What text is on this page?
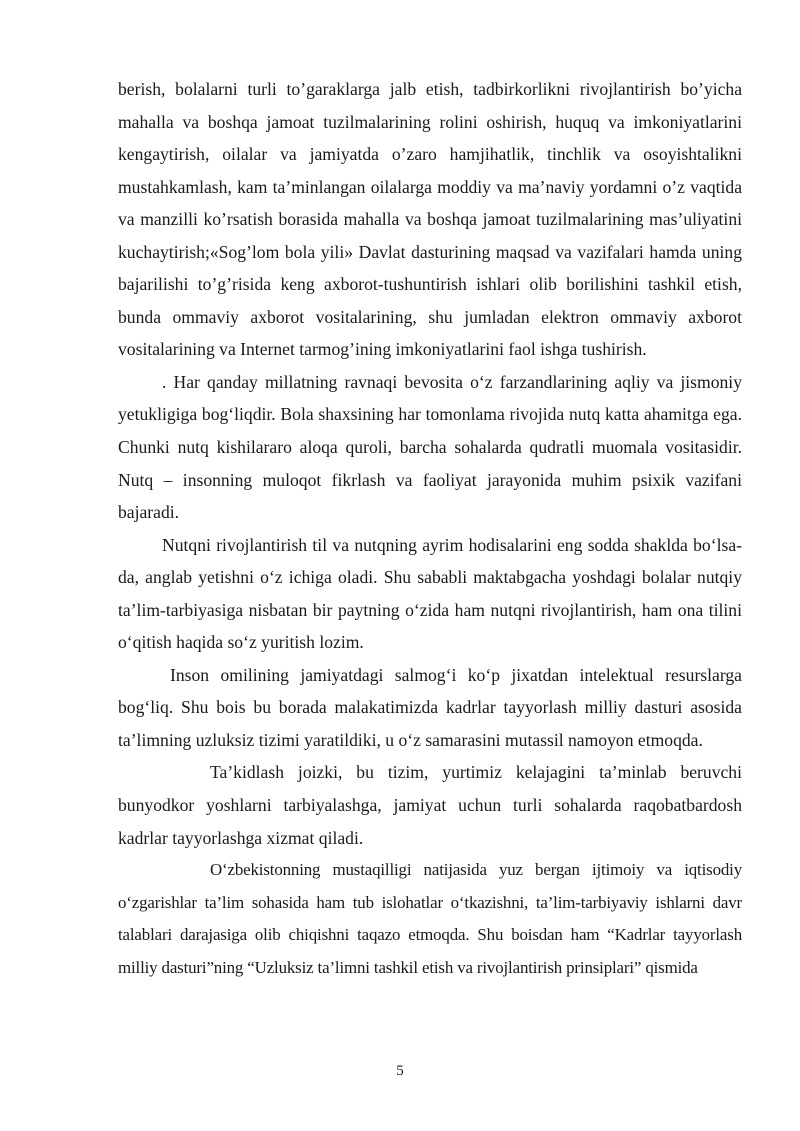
berish, bolalarni turli to’garaklarga jalb etish, tadbirkorlikni rivojlantirish bo’yicha mahalla va boshqa jamoat tuzilmalarining rolini oshirish, huquq va imkoniyatlarini kengaytirish, oilalar va jamiyatda o’zaro hamjihatlik, tinchlik va osoyishtalikni mustahkamlash, kam ta’minlangan oilalarga moddiy va ma’naviy yordamni o’z vaqtida va manzilli ko’rsatish borasida mahalla va boshqa jamoat tuzilmalarining mas’uliyatini kuchaytirish;«Sog’lom bola yili» Davlat dasturining maqsad va vazifalari hamda uning bajarilishi to’g’risida keng axborot-tushuntirish ishlari olib borilishini tashkil etish, bunda ommaviy axborot vositalarining, shu jumladan elektron ommaviy axborot vositalarining va Internet tarmog’ining imkoniyatlarini faol ishga tushirish.

. Har qanday millatning ravnaqi bevosita o‘z farzandlarining aqliy va jismoniy yetukligiga bog‘liqdir. Bola shaxsining har tomonlama rivojida nutq katta ahamitga ega. Chunki nutq kishilararo aloqa quroli, barcha sohalarda qudratli muomala vositasidir. Nutq – insonning muloqot fikrlash va faoliyat jarayonida muhim psixik vazifani bajaradi.

Nutqni rivojlantirish til va nutqning ayrim hodisalarini eng sodda shaklda bo‘lsa-da, anglab yetishni o‘z ichiga oladi. Shu sababli maktabgacha yoshdagi bolalar nutqiy ta’lim-tarbiyasiga nisbatan bir paytning o‘zida ham nutqni rivojlantirish, ham ona tilini o‘qitish haqida so‘z yuritish lozim.

Inson omilining jamiyatdagi salmog‘i ko‘p jixatdan intelektual resurslarga bog‘liq. Shu bois bu borada malakatimizda kadrlar tayyorlash milliy dasturi asosida ta’limning uzluksiz tizimi yaratildiki, u o‘z samarasini mutassil namoyon etmoqda.

Ta’kidlash joizki, bu tizim, yurtimiz kelajagini ta’minlab beruvchi bunyodkor yoshlarni tarbiyalashga, jamiyat uchun turli sohalarda raqobatbardosh kadrlar tayyorlashga xizmat qiladi.

O‘zbekistonning mustaqilligi natijasida yuz bergan ijtimoiy va iqtisodiy o‘zgarishlar ta’lim sohasida ham tub islohatlar o‘tkazishni, ta’lim-tarbiyaviy ishlarni davr talablari darajasiga olib chiqishni taqazo etmoqda. Shu boisdan ham “Kadrlar tayyorlash milliy dasturi”ning “Uzluksiz ta’limni tashkil etish va rivojlantirish prinsiplari” qismida

5
